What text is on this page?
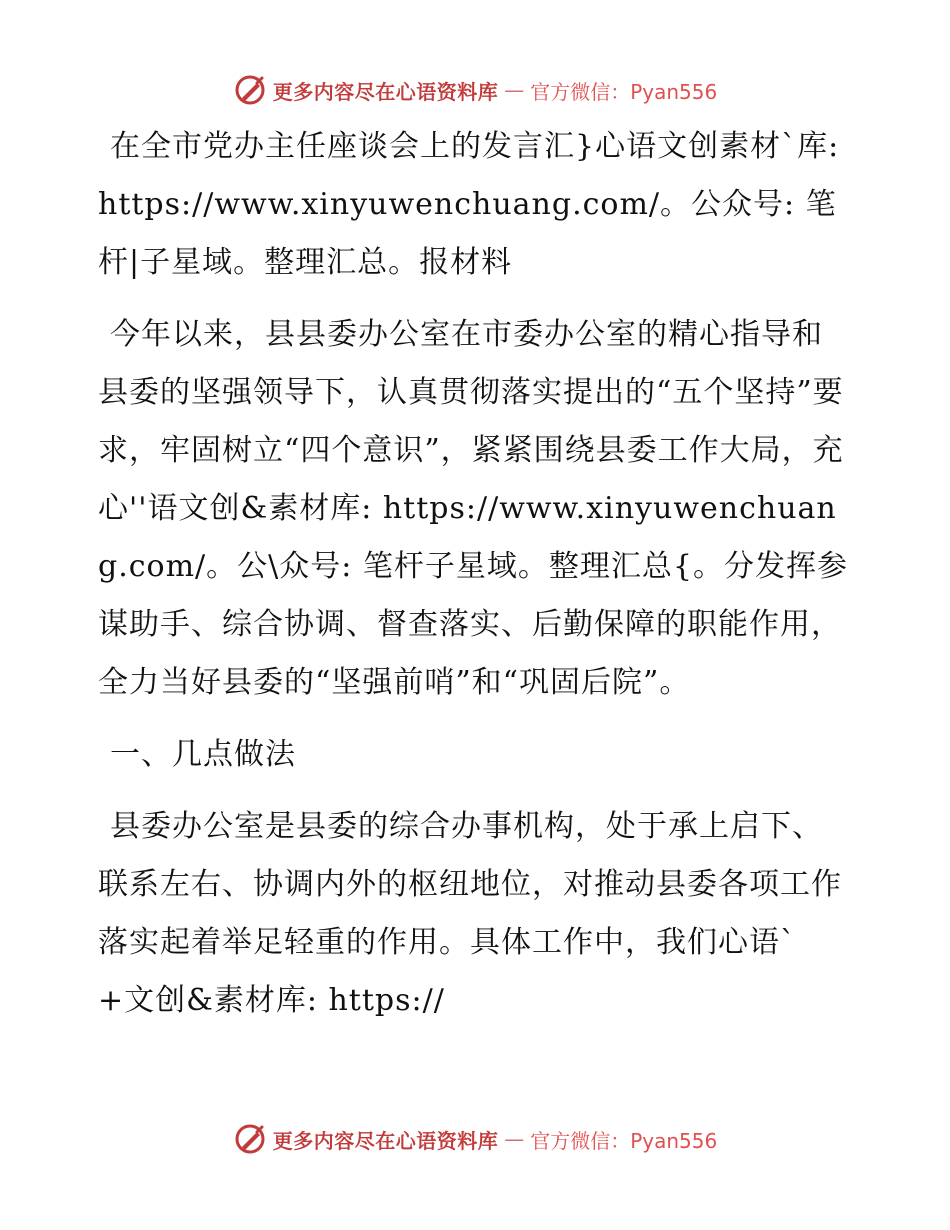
更多内容尽在心语资料库 — 官方微信：Pyan556

在全市党办主任座谈会上的发言汇}心语文创素材`库: https://www.xinyuwenchuang.com/。公众号: 笔杆|子星域。整理汇总。报材料

今年以来，县县委办公室在市委办公室的精心指导和县委的坚强领导下，认真贯彻落实提出的“五个坚持”要求，牢固树立“四个意识”，紧紧围绕县委工作大局，充心''语文创&素材库: https://www.xinyuwenchuang.com/。公\众号: 笔杆子星域。整理汇总{。分发挥参谋助手、综合协调、督查落实、后勤保障的职能作用，全力当好县委的“坚强前哨”和“巩固后院”。

一、几点做法

县委办公室是县委的综合办事机构，处于承上启下、联系左右、协调内外的枢纽地位，对推动县委各项工作落实起着举足轻重的作用。具体工作中，我们心语`+文创&素材库: https://

更多内容尽在心语资料库 — 官方微信：Pyan556
